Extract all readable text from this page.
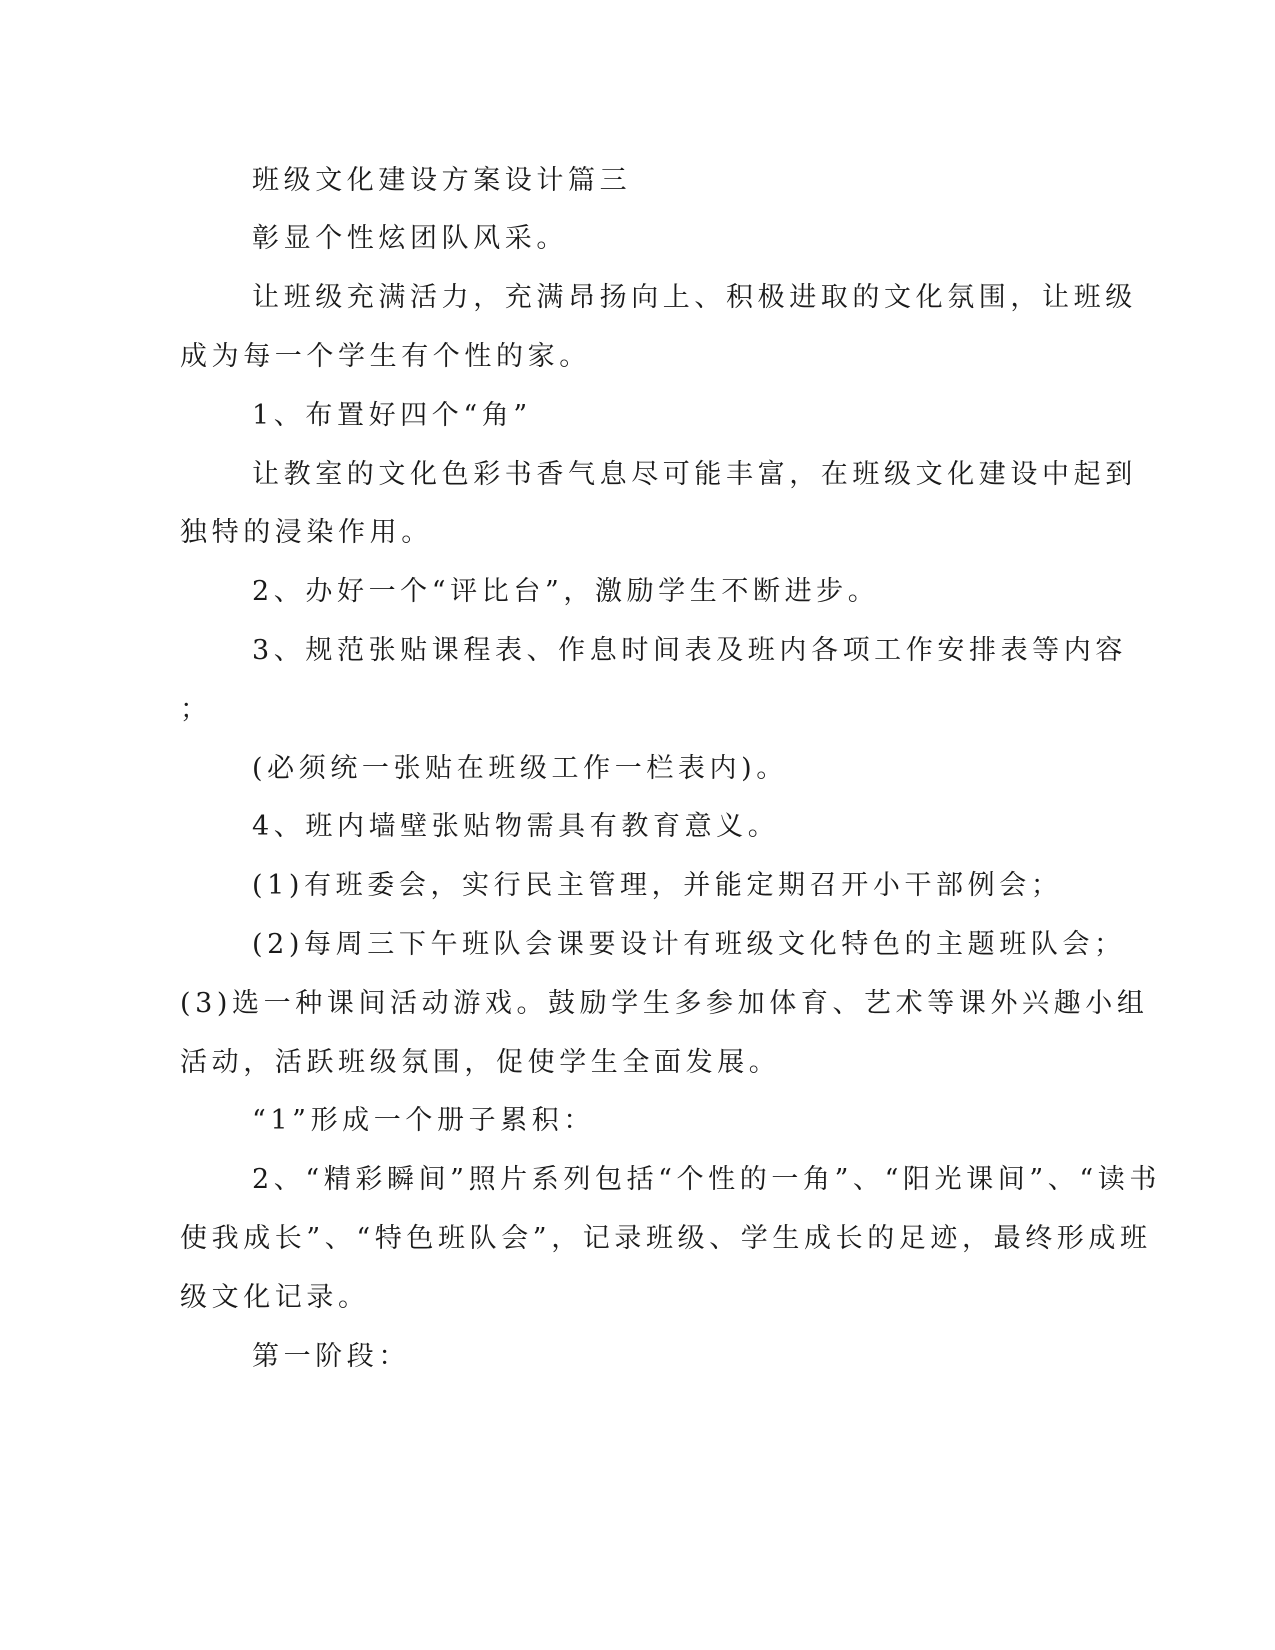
班级文化建设方案设计篇三
彰显个性炫团队风采。
让班级充满活力，充满昂扬向上、积极进取的文化氛围，让班级
成为每一个学生有个性的家。
1、布置好四个“角”
让教室的文化色彩书香气息尽可能丰富，在班级文化建设中起到
独特的浸染作用。
2、办好一个“评比台”，激励学生不断进步。
3、规范张贴课程表、作息时间表及班内各项工作安排表等内容
；
(必须统一张贴在班级工作一栏表内)。
4、班内墙壁张贴物需具有教育意义。
(1)有班委会，实行民主管理，并能定期召开小干部例会；
(2)每周三下午班队会课要设计有班级文化特色的主题班队会；
(3)选一种课间活动游戏。鼓励学生多参加体育、艺术等课外兴趣小组
活动，活跃班级氛围，促使学生全面发展。
“1”形成一个册子累积：
2、“精彩瞬间”照片系列包括“个性的一角”、“阳光课间”、“读书
使我成长”、“特色班队会”，记录班级、学生成长的足迹，最终形成班
级文化记录。
第一阶段：
